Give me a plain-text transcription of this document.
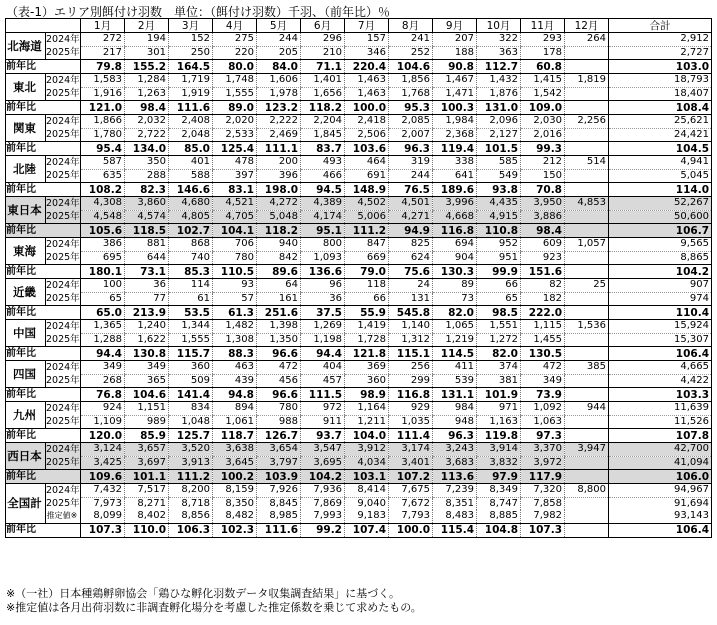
（表-1）エリア別餌付け羽数　単位：（餌付け羽数）千羽、（前年比）％
		1月	2月	3月	4月	5月	6月	7月	8月	9月	10月	11月	12月	合計
北海道	2024年	272	194	152	275	244	296	157	241	207	322	293	264	2,912
	2025年	217	301	250	220	205	210	346	252	188	363	178		2,727
前年比		79.8	155.2	164.5	80.0	84.0	71.1	220.4	104.6	90.8	112.7	60.8		103.0
東北	2024年	1,583	1,284	1,719	1,748	1,606	1,401	1,463	1,856	1,467	1,432	1,415	1,819	18,793
	2025年	1,916	1,263	1,919	1,555	1,978	1,656	1,463	1,768	1,471	1,876	1,542		18,407
前年比		121.0	98.4	111.6	89.0	123.2	118.2	100.0	95.3	100.3	131.0	109.0		108.4
関東	2024年	1,866	2,032	2,408	2,020	2,222	2,204	2,418	2,085	1,984	2,096	2,030	2,256	25,621
	2025年	1,780	2,722	2,048	2,533	2,469	1,845	2,506	2,007	2,368	2,127	2,016		24,421
前年比		95.4	134.0	85.0	125.4	111.1	83.7	103.6	96.3	119.4	101.5	99.3		104.5
北陸	2024年	587	350	401	478	200	493	464	319	338	585	212	514	4,941
	2025年	635	288	588	397	396	466	691	244	641	549	150		5,045
前年比		108.2	82.3	146.6	83.1	198.0	94.5	148.9	76.5	189.6	93.8	70.8		114.0
東日本	2024年	4,308	3,860	4,680	4,521	4,272	4,389	4,502	4,501	3,996	4,435	3,950	4,853	52,267
	2025年	4,548	4,574	4,805	4,705	5,048	4,174	5,006	4,271	4,668	4,915	3,886		50,600
前年比		105.6	118.5	102.7	104.1	118.2	95.1	111.2	94.9	116.8	110.8	98.4		106.7
東海	2024年	386	881	868	706	940	800	847	825	694	952	609	1,057	9,565
	2025年	695	644	740	780	842	1,093	669	624	904	951	923		8,865
前年比		180.1	73.1	85.3	110.5	89.6	136.6	79.0	75.6	130.3	99.9	151.6		104.2
近畿	2024年	100	36	114	93	64	96	118	24	89	66	82	25	907
	2025年	65	77	61	57	161	36	66	131	73	65	182		974
前年比		65.0	213.9	53.5	61.3	251.6	37.5	55.9	545.8	82.0	98.5	222.0		110.4
中国	2024年	1,365	1,240	1,344	1,482	1,398	1,269	1,419	1,140	1,065	1,551	1,115	1,536	15,924
	2025年	1,288	1,622	1,555	1,308	1,350	1,198	1,728	1,312	1,219	1,272	1,455		15,307
前年比		94.4	130.8	115.7	88.3	96.6	94.4	121.8	115.1	114.5	82.0	130.5		106.4
四国	2024年	349	349	360	463	472	404	369	256	411	374	472	385	4,665
	2025年	268	365	509	439	456	457	360	299	539	381	349		4,422
前年比		76.8	104.6	141.4	94.8	96.6	111.5	98.9	116.8	131.1	101.9	73.9		103.3
九州	2024年	924	1,151	834	894	780	972	1,164	929	984	971	1,092	944	11,639
	2025年	1,109	989	1,048	1,061	988	911	1,211	1,035	948	1,163	1,063		11,526
前年比		120.0	85.9	125.7	118.7	126.7	93.7	104.0	111.4	96.3	119.8	97.3		107.8
西日本	2024年	3,124	3,657	3,520	3,638	3,654	3,547	3,912	3,174	3,243	3,914	3,370	3,947	42,700
	2025年	3,425	3,697	3,913	3,645	3,797	3,695	4,034	3,401	3,683	3,832	3,972		41,094
前年比		109.6	101.1	111.2	100.2	103.9	104.2	103.1	107.2	113.6	97.9	117.9		106.0
全国計	2024年	7,432	7,517	8,200	8,159	7,926	7,936	8,414	7,675	7,239	8,349	7,320	8,800	94,967
	2025年	7,973	8,271	8,718	8,350	8,845	7,869	9,040	7,672	8,351	8,747	7,858		91,694
	推定値※	8,099	8,402	8,856	8,482	8,985	7,993	9,183	7,793	8,483	8,885	7,982		93,143
前年比		107.3	110.0	106.3	102.3	111.6	99.2	107.4	100.0	115.4	104.8	107.3		106.4
※（一社）日本種鶏孵卵協会「鶏ひな孵化羽数データ収集調査結果」に基づく。
※推定値は各月出荷羽数に非調査孵化場分を考慮した推定係数を乗じて求めたもの。
